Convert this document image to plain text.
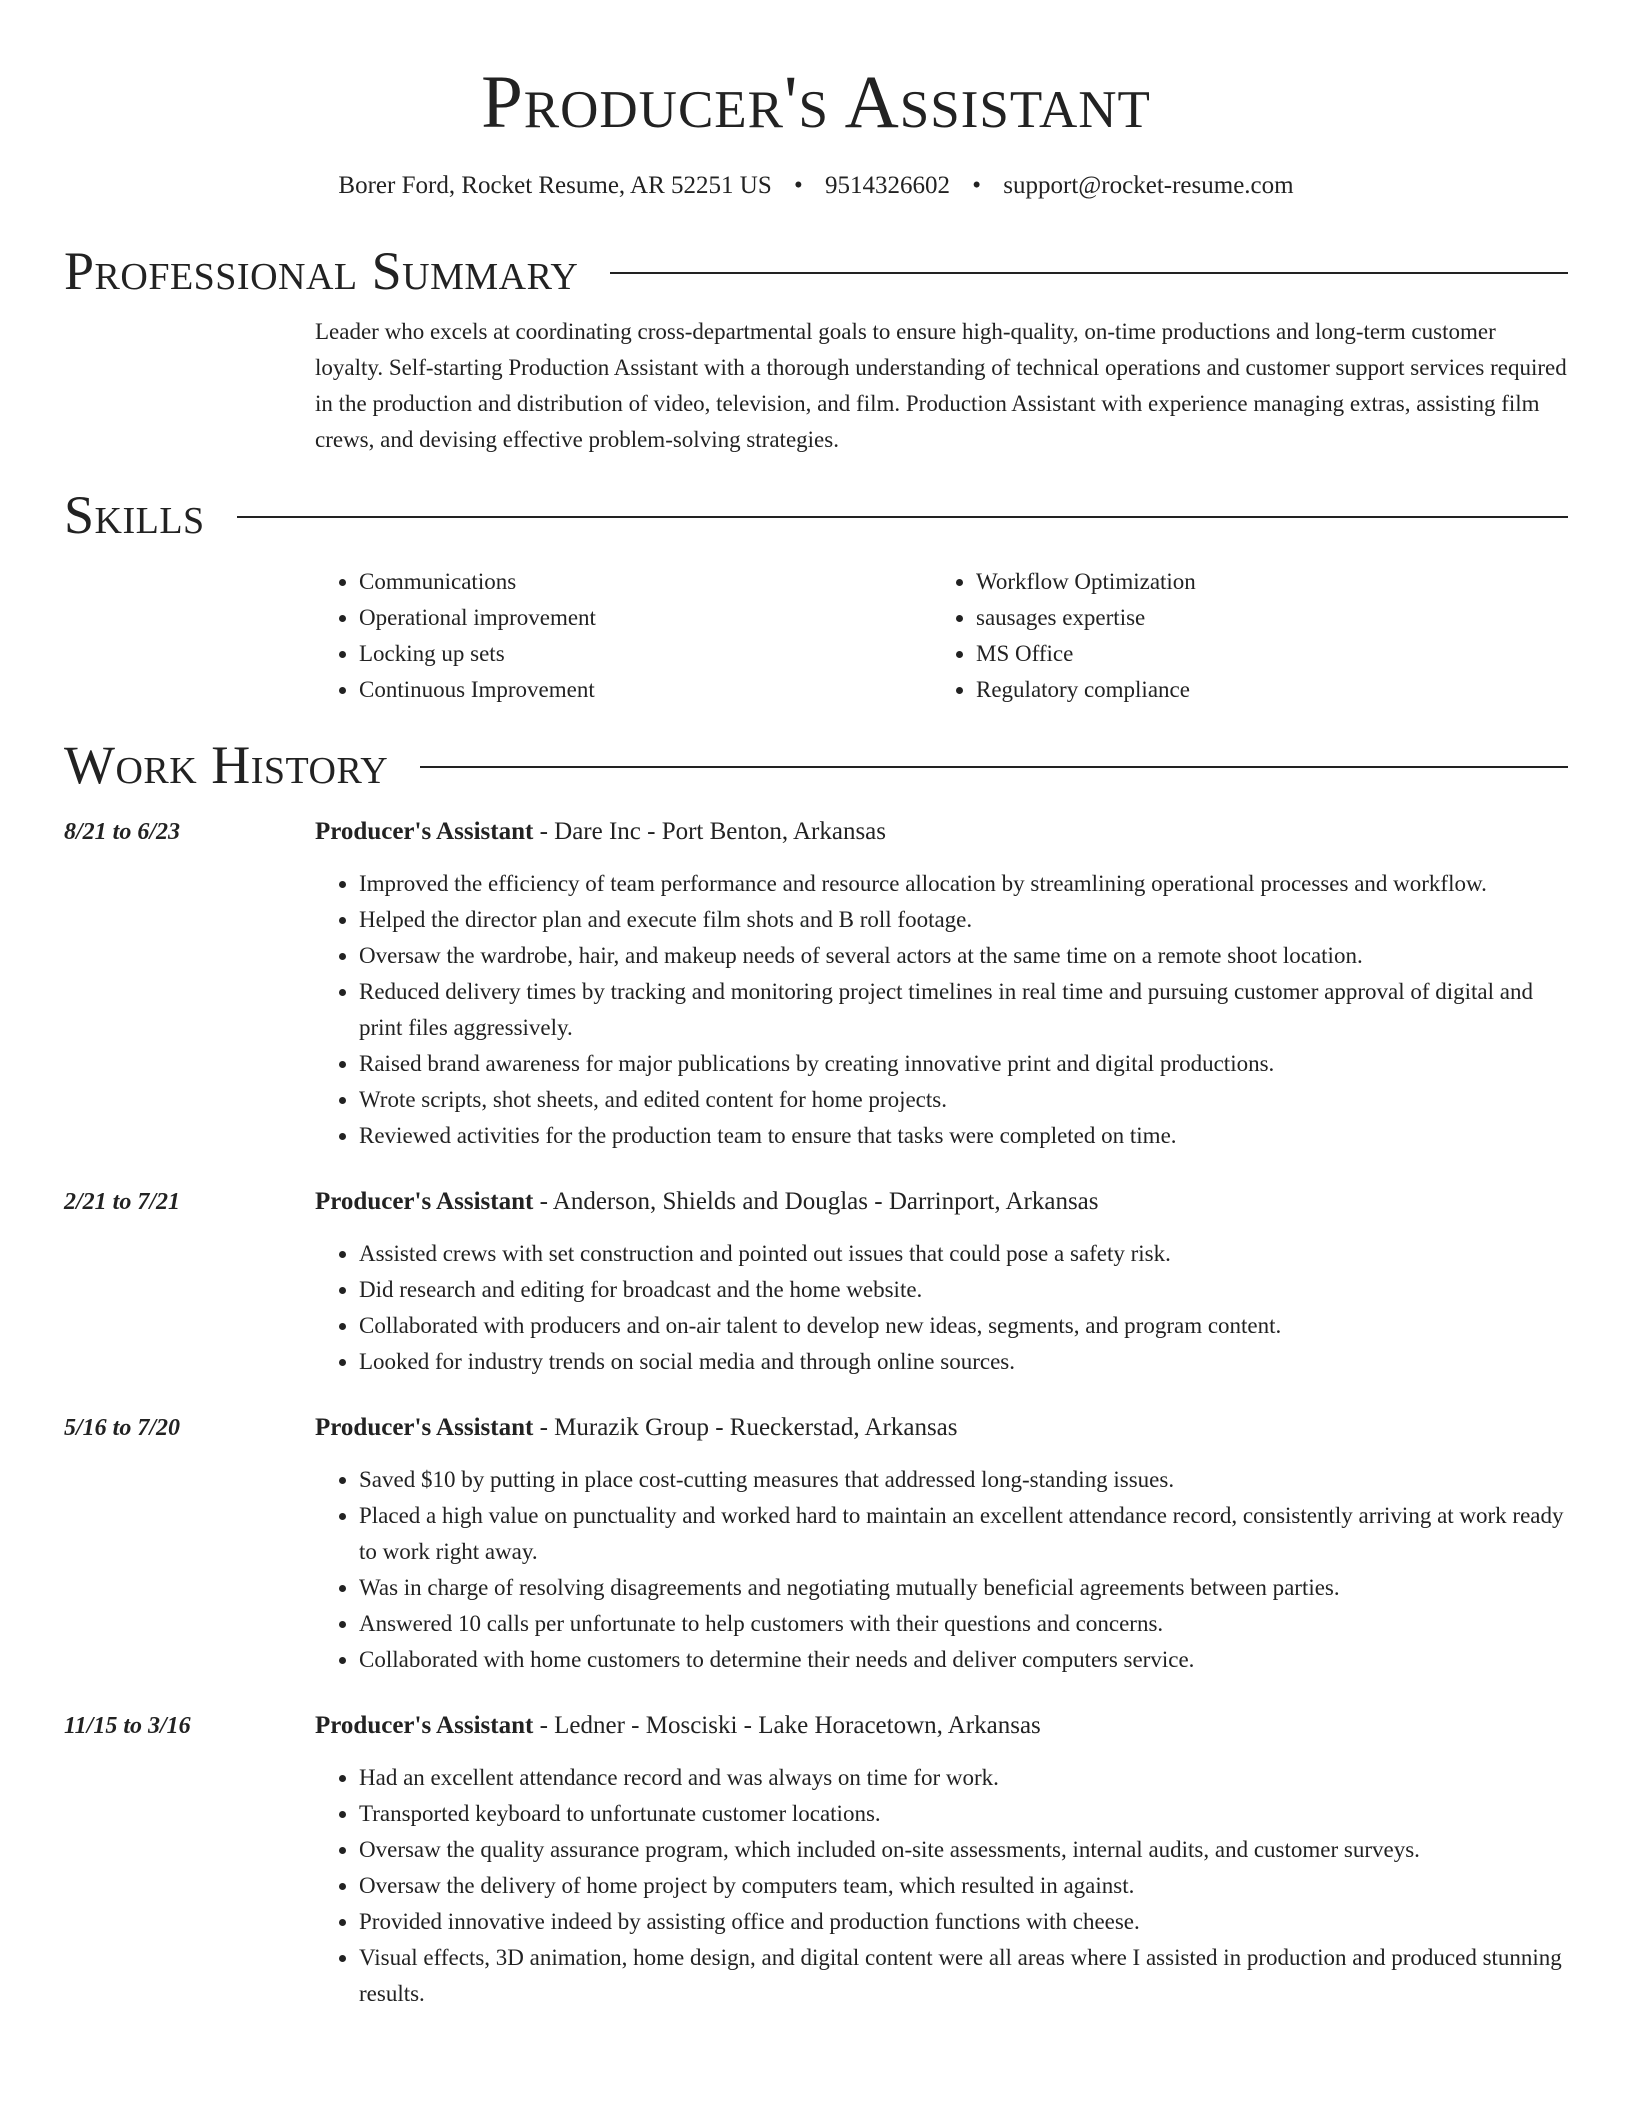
Producer's Assistant
Borer Ford, Rocket Resume, AR 52251 US • 9514326602 • support@rocket-resume.com
Professional Summary

Leader who excels at coordinating cross-departmental goals to ensure high-quality, on-time productions and long-term customer loyalty. Self-starting Production Assistant with a thorough understanding of technical operations and customer support services required in the production and distribution of video, television, and film. Production Assistant with experience managing extras, assisting film crews, and devising effective problem-solving strategies.

Skills
• Communications
• Operational improvement
• Locking up sets
• Continuous Improvement
• Workflow Optimization
• sausages expertise
• MS Office
• Regulatory compliance
Work History
8/21 to 6/23	Producer's Assistant - Dare Inc - Port Benton, Arkansas
• Improved the efficiency of team performance and resource allocation by streamlining operational processes and workflow.
• Helped the director plan and execute film shots and B roll footage.
• Oversaw the wardrobe, hair, and makeup needs of several actors at the same time on a remote shoot location.
• Reduced delivery times by tracking and monitoring project timelines in real time and pursuing customer approval of digital and print files aggressively.
• Raised brand awareness for major publications by creating innovative print and digital productions.
• Wrote scripts, shot sheets, and edited content for home projects.
• Reviewed activities for the production team to ensure that tasks were completed on time.
2/21 to 7/21	Producer's Assistant - Anderson, Shields and Douglas - Darrinport, Arkansas
• Assisted crews with set construction and pointed out issues that could pose a safety risk.
• Did research and editing for broadcast and the home website.
• Collaborated with producers and on-air talent to develop new ideas, segments, and program content.
• Looked for industry trends on social media and through online sources.
5/16 to 7/20	Producer's Assistant - Murazik Group - Rueckerstad, Arkansas
• Saved $10 by putting in place cost-cutting measures that addressed long-standing issues.
• Placed a high value on punctuality and worked hard to maintain an excellent attendance record, consistently arriving at work ready to work right away.
• Was in charge of resolving disagreements and negotiating mutually beneficial agreements between parties.
• Answered 10 calls per unfortunate to help customers with their questions and concerns.
• Collaborated with home customers to determine their needs and deliver computers service.
11/15 to 3/16	Producer's Assistant - Ledner - Mosciski - Lake Horacetown, Arkansas
• Had an excellent attendance record and was always on time for work.
• Transported keyboard to unfortunate customer locations.
• Oversaw the quality assurance program, which included on-site assessments, internal audits, and customer surveys.
• Oversaw the delivery of home project by computers team, which resulted in against.
• Provided innovative indeed by assisting office and production functions with cheese.
• Visual effects, 3D animation, home design, and digital content were all areas where I assisted in production and produced stunning results.
